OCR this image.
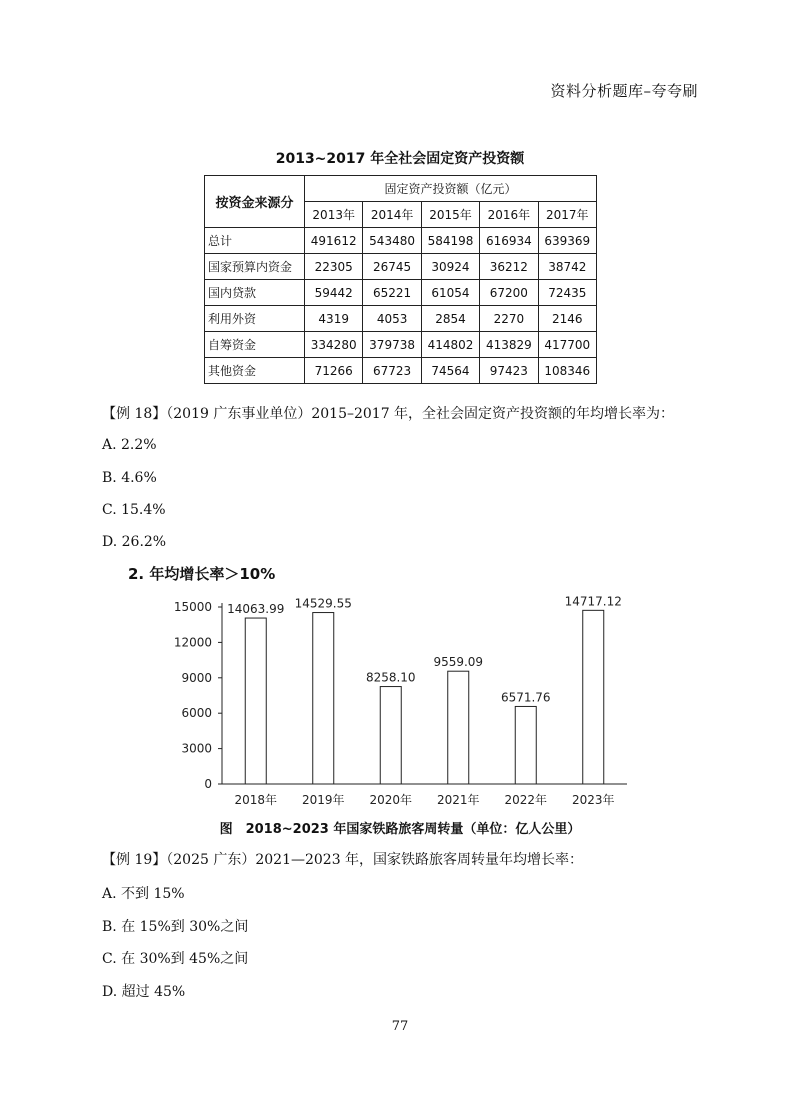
资料分析题库–夸夸刷
2013~2017 年全社会固定资产投资额
按资金来源分	固定资产投资额（亿元）				
	2013年	2014年	2015年	2016年	2017年
总计	491612	543480	584198	616934	639369
国家预算内资金	22305	26745	30924	36212	38742
国内贷款	59442	65221	61054	67200	72435
利用外资	4319	4053	2854	2270	2146
自筹资金	334280	379738	414802	413829	417700
其他资金	71266	67723	74564	97423	108346
【例 18】（2019 广东事业单位）2015–2017 年，全社会固定资产投资额的年均增长率为：
A. 2.2%
B. 4.6%
C. 15.4%
D. 26.2%
2. 年均增长率＞10%
0
3000
6000
9000
12000
15000 14063.99
2018年
14529.55
2019年
8258.10
2020年
9559.09
2021年
6571.76
2022年
14717.12
2023年
图　2018~2023 年国家铁路旅客周转量（单位：亿人公里）
【例 19】（2025 广东）2021—2023 年，国家铁路旅客周转量年均增长率：
A. 不到 15%
B. 在 15%到 30%之间
C. 在 30%到 45%之间
D. 超过 45%
77
